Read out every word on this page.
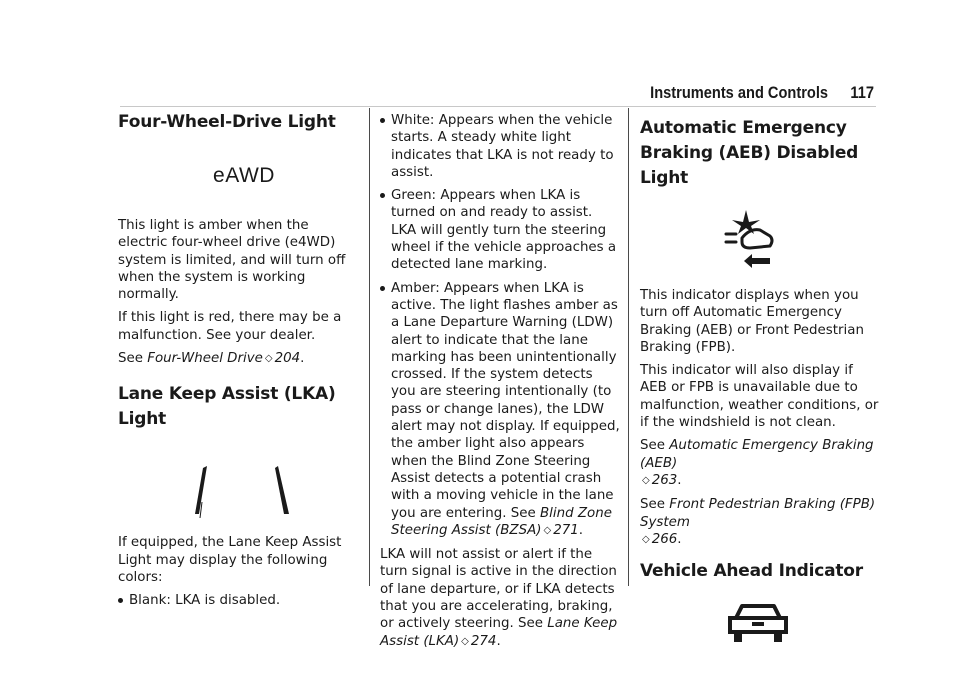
Instruments and Controls 117
Four-Wheel-Drive Light
eAWD

This light is amber when the electric four-wheel drive (e4WD) system is limited, and will turn off when the system is working normally.

If this light is red, there may be a malfunction. See your dealer.

See Four-Wheel Drive ◇ 204.

Lane Keep Assist (LKA) Light

If equipped, the Lane Keep Assist Light may display the following colors:

Blank: LKA is disabled.
White: Appears when the vehicle starts. A steady white light indicates that LKA is not ready to assist.
Green: Appears when LKA is turned on and ready to assist. LKA will gently turn the steering wheel if the vehicle approaches a detected lane marking.
Amber: Appears when LKA is active. The light flashes amber as a Lane Departure Warning (LDW) alert to indicate that the lane marking has been unintentionally crossed. If the system detects you are steering intentionally (to pass or change lanes), the LDW alert may not display. If equipped, the amber light also appears when the Blind Zone Steering Assist detects a potential crash with a moving vehicle in the lane you are entering. See Blind Zone Steering Assist (BZSA) ◇ 271.

LKA will not assist or alert if the turn signal is active in the direction of lane departure, or if LKA detects that you are accelerating, braking, or actively steering. See Lane Keep Assist (LKA) ◇ 274.

Automatic Emergency Braking (AEB) Disabled Light

This indicator displays when you turn off Automatic Emergency Braking (AEB) or Front Pedestrian Braking (FPB).

This indicator will also display if AEB or FPB is unavailable due to malfunction, weather conditions, or if the windshield is not clean.

See Automatic Emergency Braking (AEB)
◇ 263.

See Front Pedestrian Braking (FPB) System
◇ 266.

Vehicle Ahead Indicator
